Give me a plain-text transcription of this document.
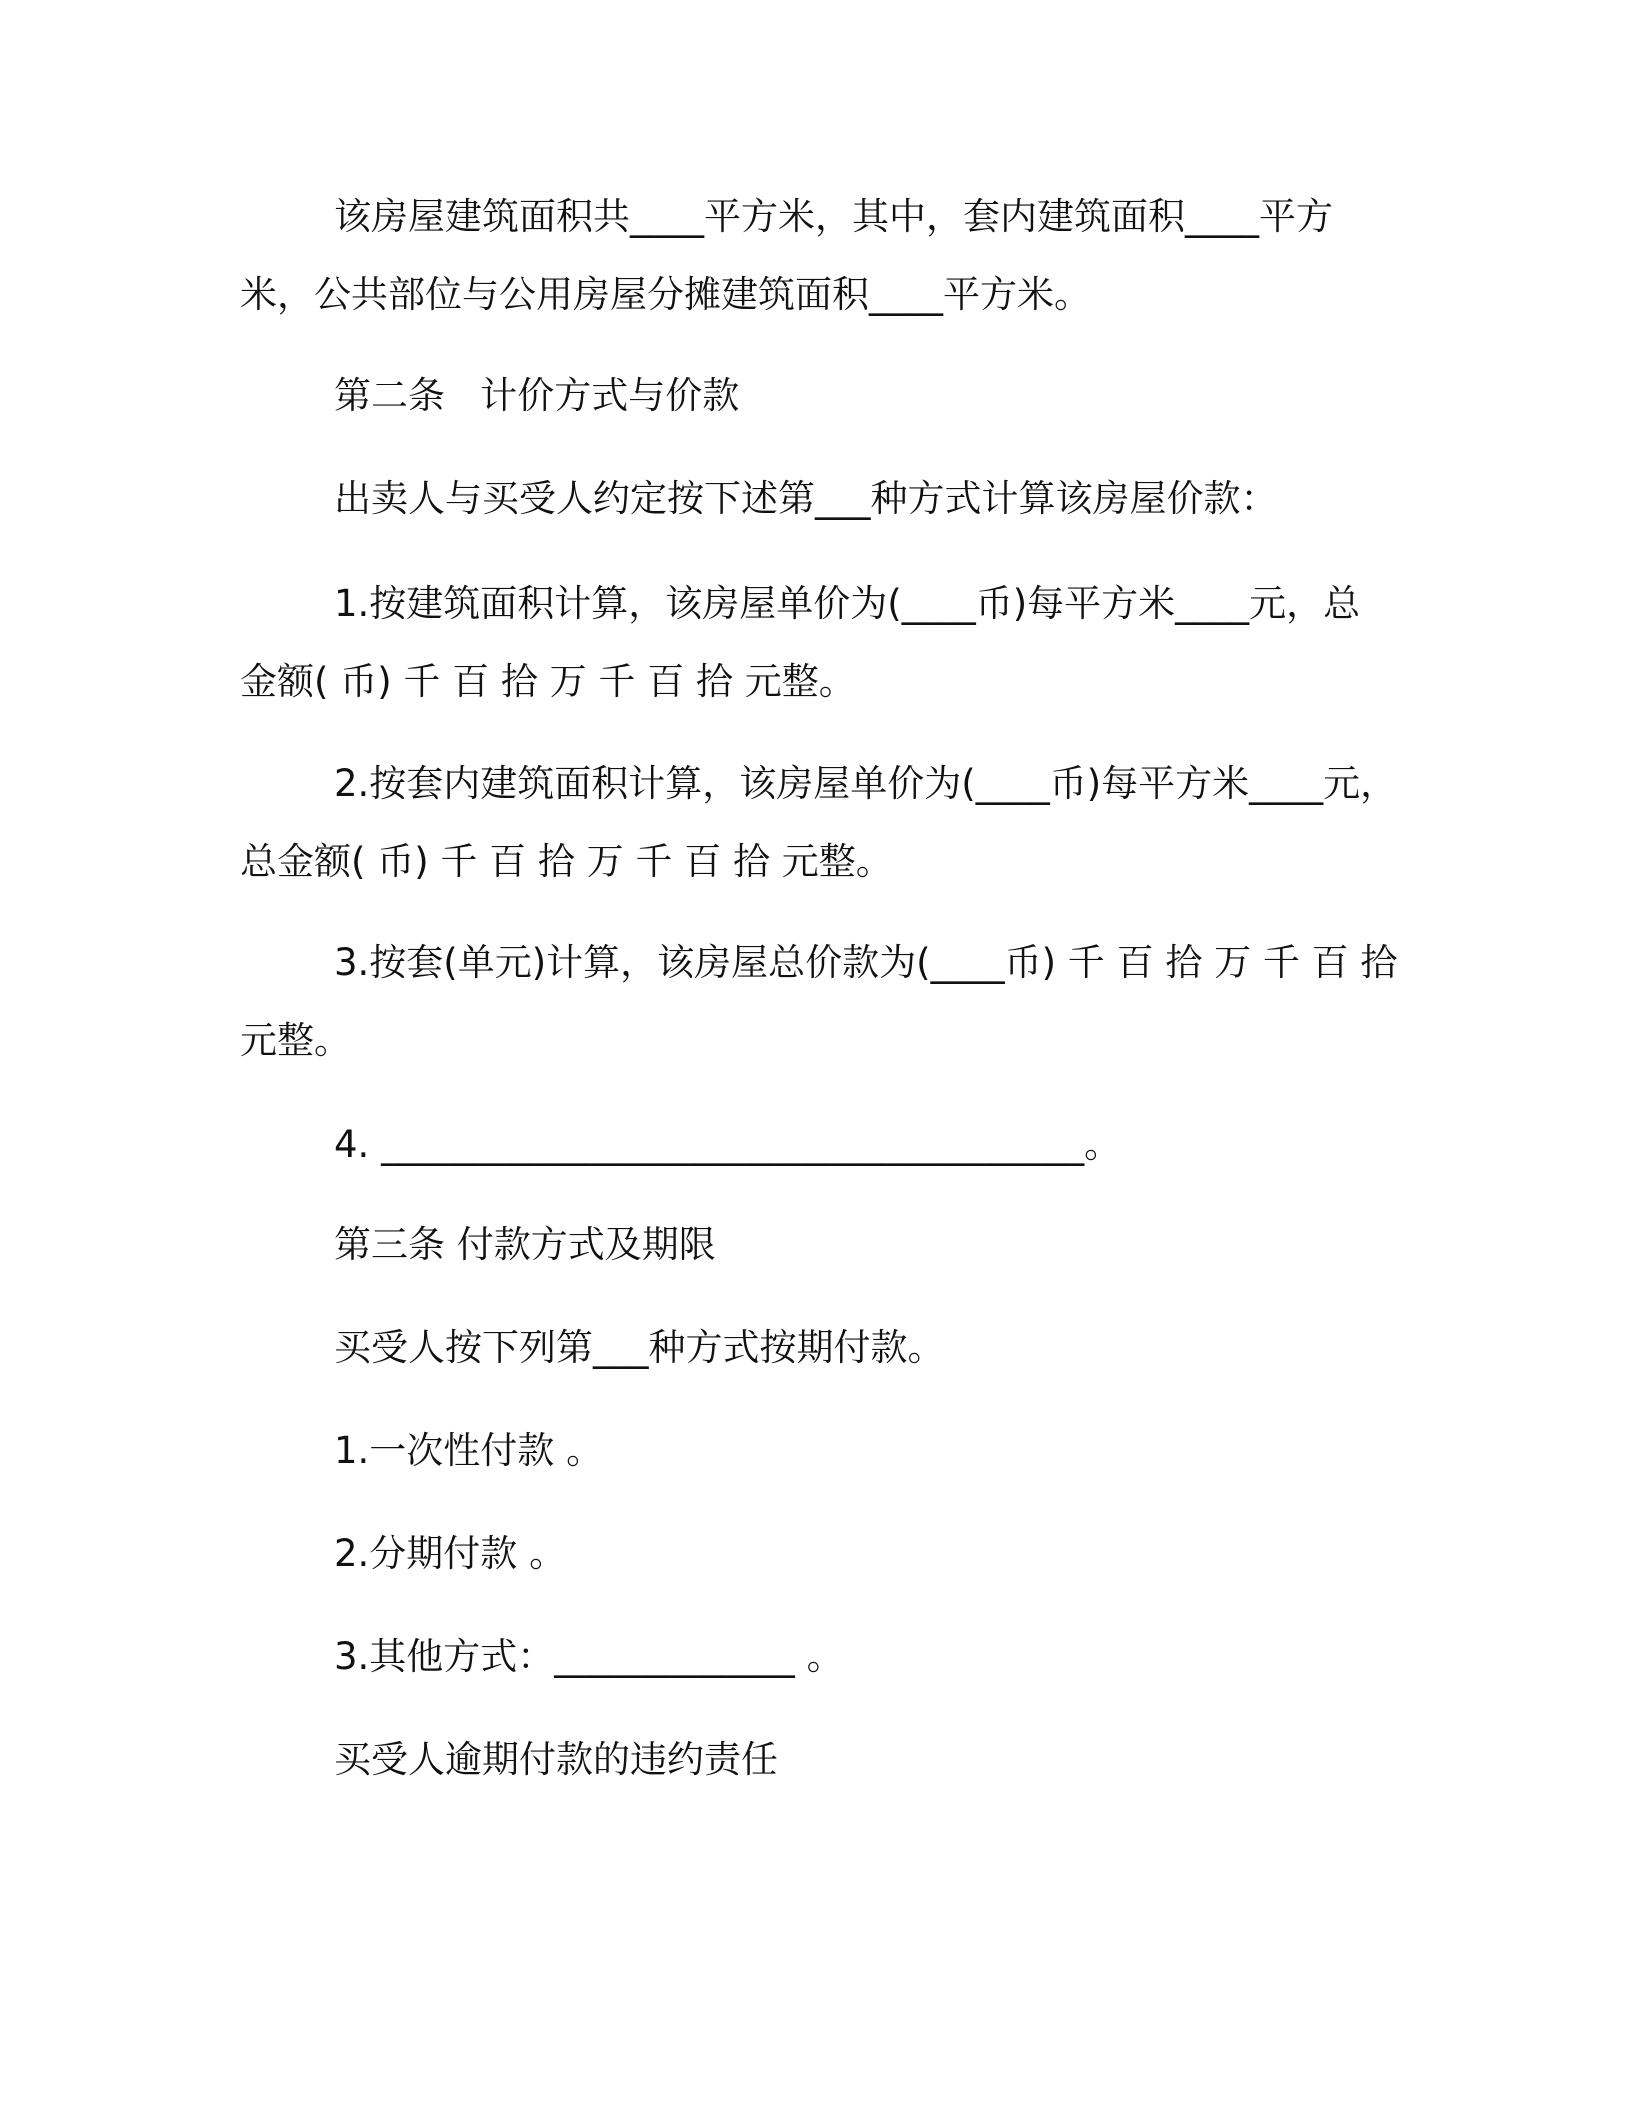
该房屋建筑面积共____平方米，其中，套内建筑面积____平方

米，公共部位与公用房屋分摊建筑面积____平方米。

第二条   计价方式与价款

出卖人与买受人约定按下述第___种方式计算该房屋价款：

1.按建筑面积计算，该房屋单价为(____币)每平方米____元，总

金额( 币) 千 百 拾 万 千 百 拾 元整。

2.按套内建筑面积计算，该房屋单价为(____币)每平方米____元，

总金额( 币) 千 百 拾 万 千 百 拾 元整。

3.按套(单元)计算，该房屋总价款为(____币) 千 百 拾 万 千 百 拾

元整。

4. ______________________________________。

第三条 付款方式及期限

买受人按下列第___种方式按期付款。

1.一次性付款 。

2.分期付款 。

3.其他方式：_____________ 。

买受人逾期付款的违约责任
